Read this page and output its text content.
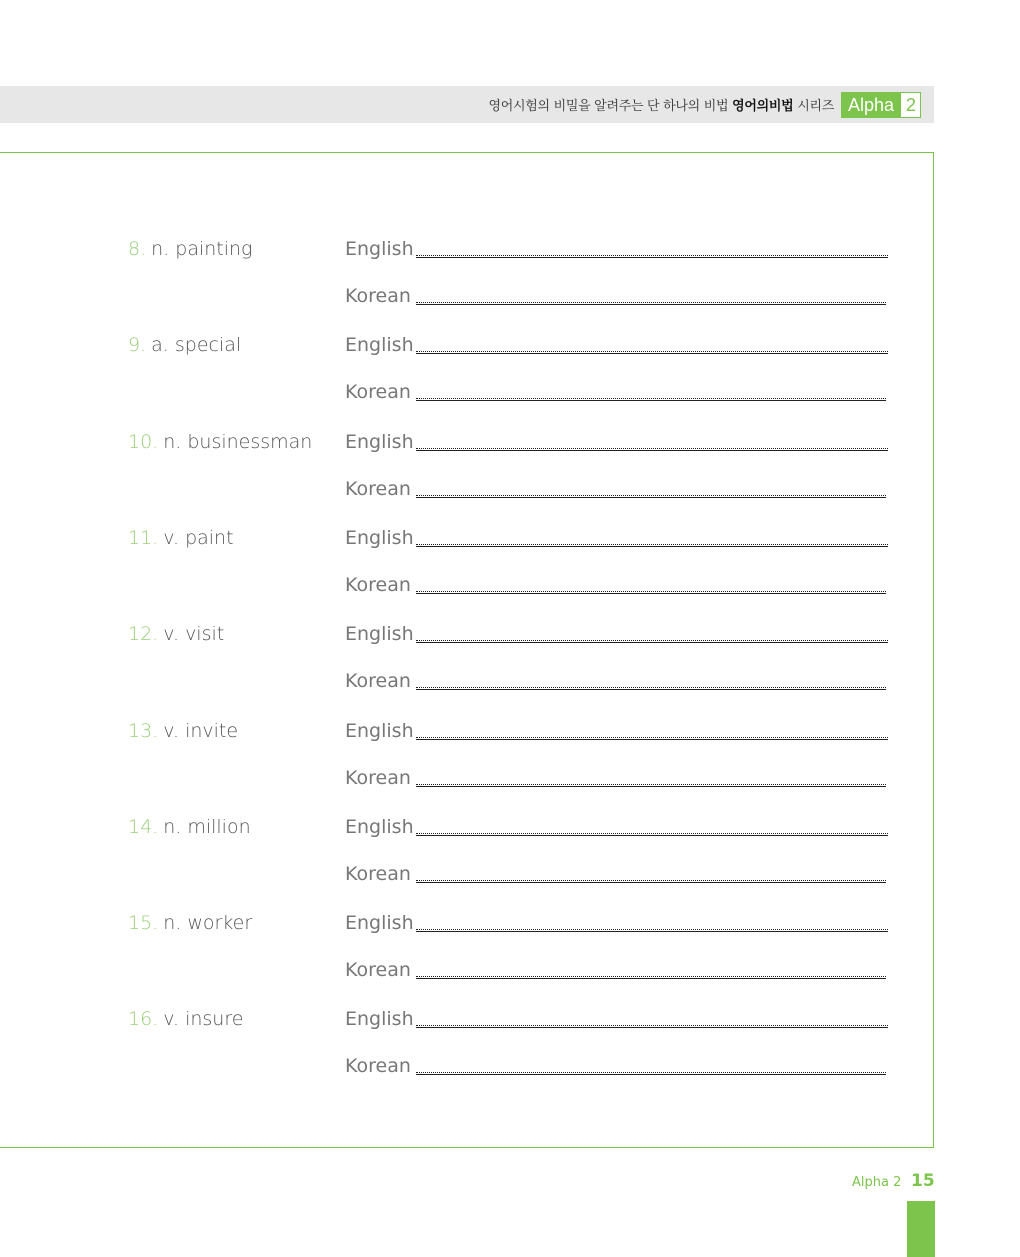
영어시험의 비밀을 알려주는 단 하나의 비법 영어의비법 시리즈 Alpha 2
8. n. painting	English
Korean
9. a. special	English
Korean
10. n. businessman English
Korean
11. v. paint	English
Korean
12. v. visit	English
Korean
13. v. invite	English
Korean
14. n. million	English
Korean
15. n. worker	English
Korean
16. v. insure	English
Korean
Alpha 2 15
